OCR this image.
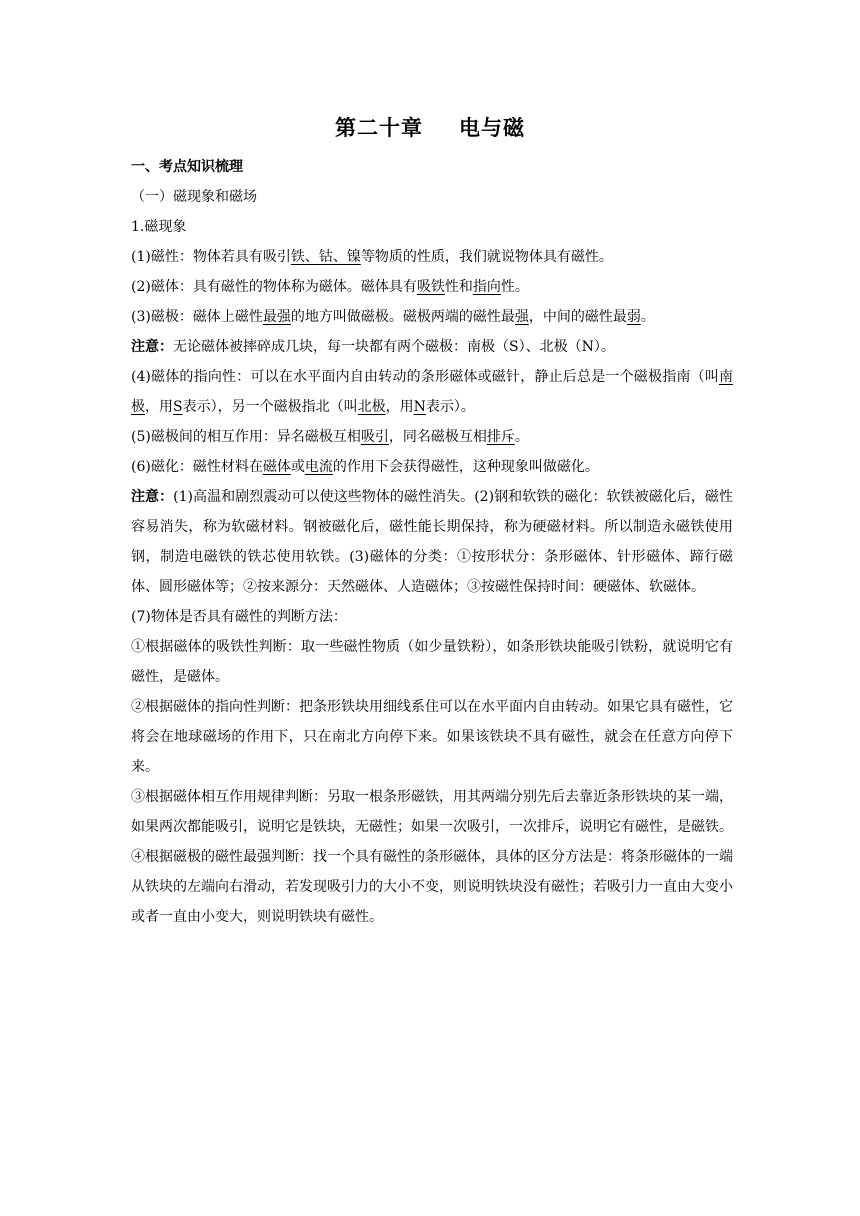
第二十章 电与磁

一、考点知识梳理

（一）磁现象和磁场

1.磁现象

(1)磁性：物体若具有吸引铁、钴、镍等物质的性质，我们就说物体具有磁性。

(2)磁体：具有磁性的物体称为磁体。磁体具有吸铁性和指向性。

(3)磁极：磁体上磁性最强的地方叫做磁极。磁极两端的磁性最强，中间的磁性最弱。

注意：无论磁体被摔碎成几块，每一块都有两个磁极：南极（S）、北极（N）。

(4)磁体的指向性：可以在水平面内自由转动的条形磁体或磁针，静止后总是一个磁极指南（叫南极，用S表示），另一个磁极指北（叫北极，用N表示）。

(5)磁极间的相互作用：异名磁极互相吸引，同名磁极互相排斥。

(6)磁化：磁性材料在磁体或电流的作用下会获得磁性，这种现象叫做磁化。

注意：(1)高温和剧烈震动可以使这些物体的磁性消失。(2)钢和软铁的磁化：软铁被磁化后，磁性容易消失，称为软磁材料。钢被磁化后，磁性能长期保持，称为硬磁材料。所以制造永磁铁使用钢，制造电磁铁的铁芯使用软铁。(3)磁体的分类：①按形状分：条形磁体、针形磁体、蹄行磁体、圆形磁体等；②按来源分：天然磁体、人造磁体；③按磁性保持时间：硬磁体、软磁体。

(7)物体是否具有磁性的判断方法：

①根据磁体的吸铁性判断：取一些磁性物质（如少量铁粉），如条形铁块能吸引铁粉，就说明它有磁性，是磁体。

②根据磁体的指向性判断：把条形铁块用细线系住可以在水平面内自由转动。如果它具有磁性，它将会在地球磁场的作用下，只在南北方向停下来。如果该铁块不具有磁性，就会在任意方向停下来。

③根据磁体相互作用规律判断：另取一根条形磁铁，用其两端分别先后去靠近条形铁块的某一端，如果两次都能吸引，说明它是铁块，无磁性；如果一次吸引，一次排斥，说明它有磁性，是磁铁。

④根据磁极的磁性最强判断：找一个具有磁性的条形磁体，具体的区分方法是：将条形磁体的一端从铁块的左端向右滑动，若发现吸引力的大小不变，则说明铁块没有磁性；若吸引力一直由大变小或者一直由小变大，则说明铁块有磁性。
